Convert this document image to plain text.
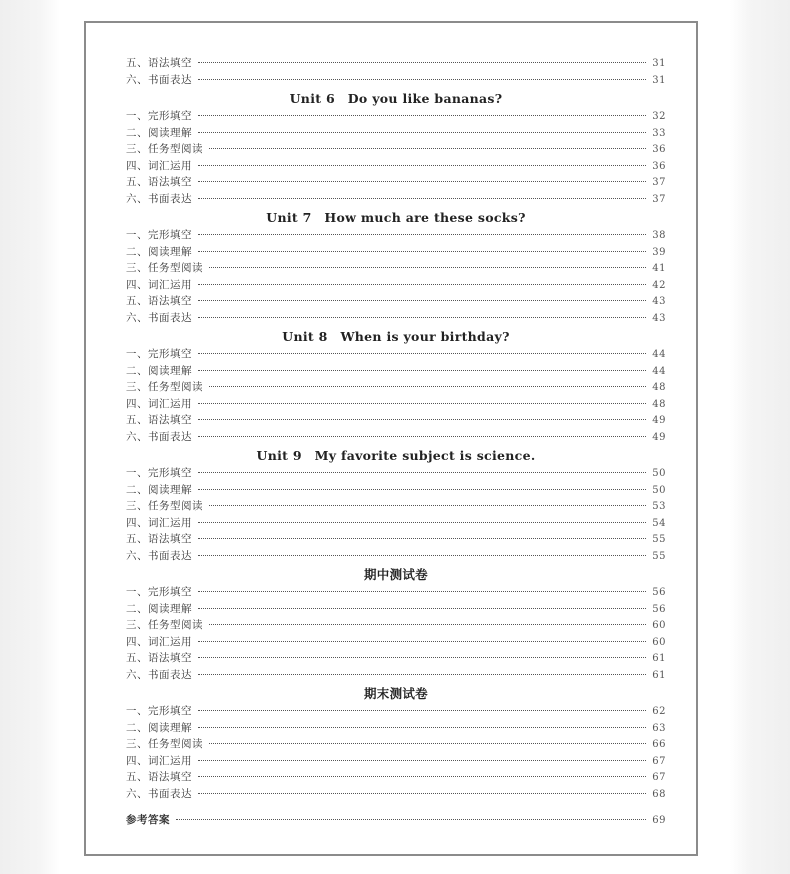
五、语法填空	31
六、书面表达	31
Unit 6　Do you like bananas?
一、完形填空	32
二、阅读理解	33
三、任务型阅读	36
四、词汇运用	36
五、语法填空	37
六、书面表达	37
Unit 7　How much are these socks?
一、完形填空	38
二、阅读理解	39
三、任务型阅读	41
四、词汇运用	42
五、语法填空	43
六、书面表达	43
Unit 8　When is your birthday?
一、完形填空	44
二、阅读理解	44
三、任务型阅读	48
四、词汇运用	48
五、语法填空	49
六、书面表达	49
Unit 9　My favorite subject is science.
一、完形填空	50
二、阅读理解	50
三、任务型阅读	53
四、词汇运用	54
五、语法填空	55
六、书面表达	55
期中测试卷
一、完形填空	56
二、阅读理解	56
三、任务型阅读	60
四、词汇运用	60
五、语法填空	61
六、书面表达	61
期末测试卷
一、完形填空	62
二、阅读理解	63
三、任务型阅读	66
四、词汇运用	67
五、语法填空	67
六、书面表达	68
参考答案	69
